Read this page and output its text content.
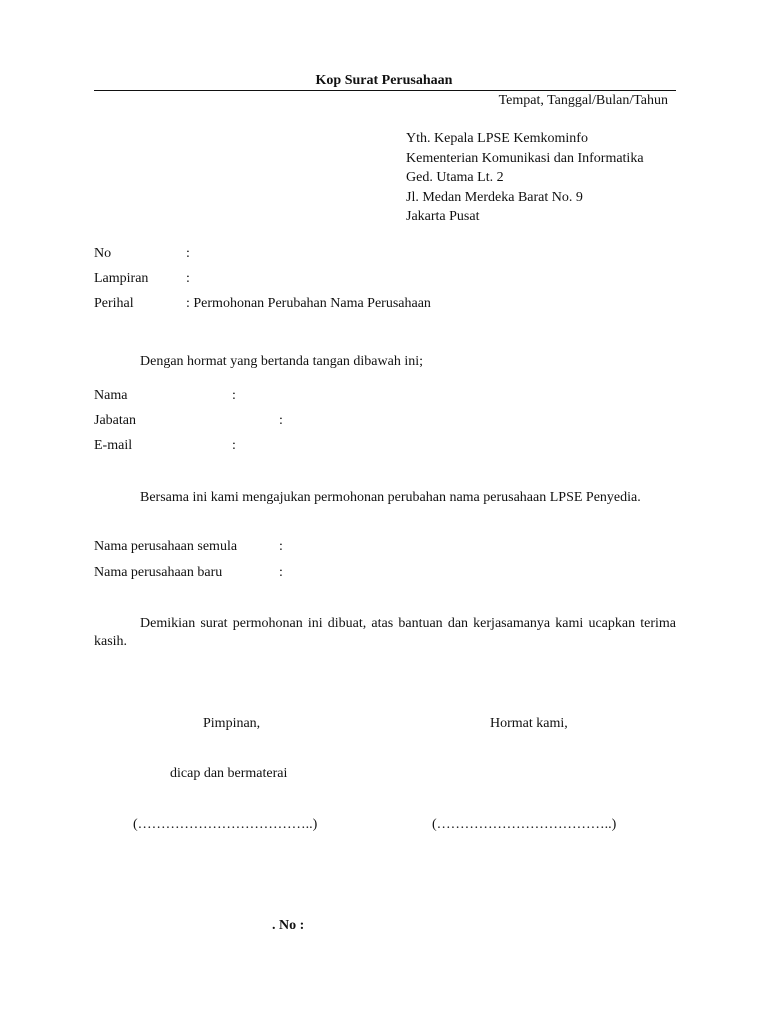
Kop Surat Perusahaan
Tempat, Tanggal/Bulan/Tahun
Yth. Kepala LPSE Kemkominfo
Kementerian Komunikasi dan Informatika
Ged. Utama Lt. 2
Jl. Medan Merdeka Barat No. 9
Jakarta Pusat
No	:
Lampiran	:
Perihal	: Permohonan Perubahan Nama Perusahaan
Dengan hormat yang bertanda tangan dibawah ini;
Nama	:
Jabatan	:
E-mail	:
Bersama ini kami mengajukan permohonan perubahan nama perusahaan LPSE Penyedia.
Nama perusahaan semula	:
Nama perusahaan baru	:
Demikian surat permohonan ini dibuat, atas bantuan dan kerjasamanya kami ucapkan terima kasih.
Pimpinan,	Hormat kami,
dicap dan bermaterai
(………………………………..)	(………………………………..)
. No :
